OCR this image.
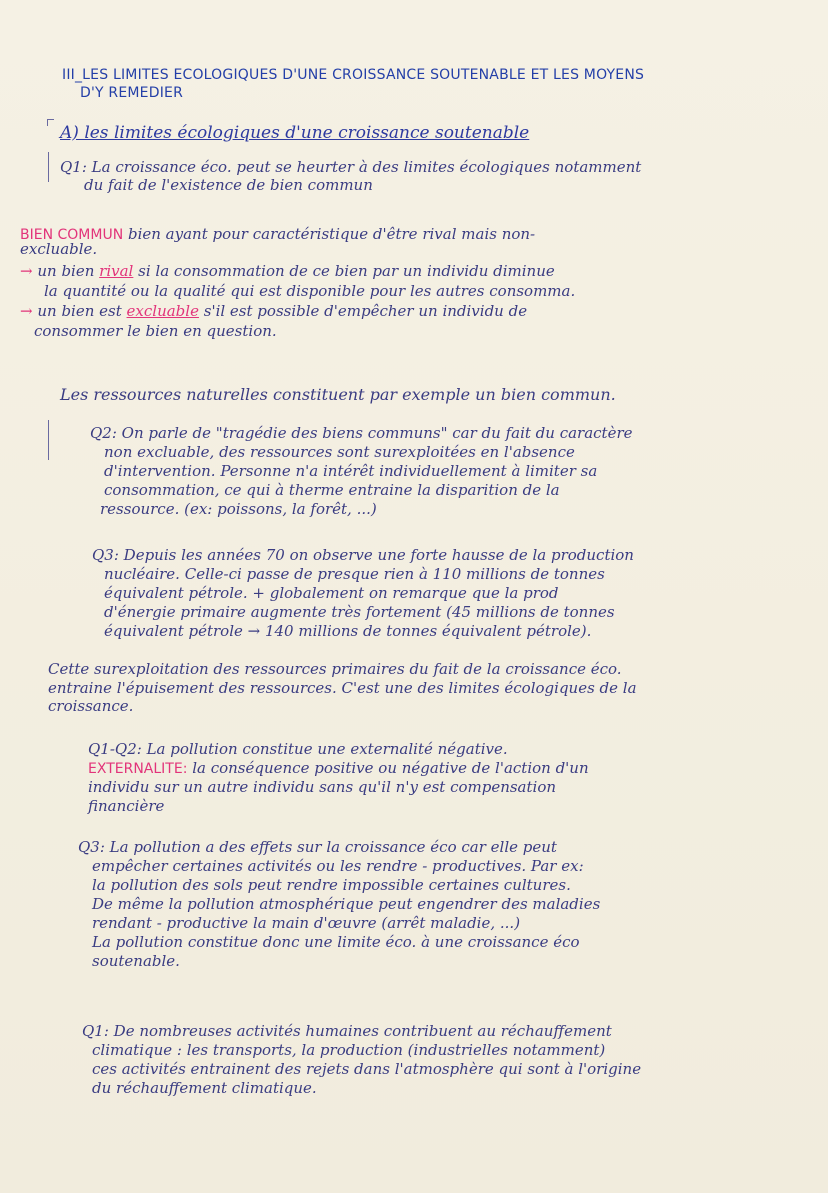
III_LES LIMITES ECOLOGIQUES D'UNE CROISSANCE SOUTENABLE ET LES MOYENS
D'Y REMEDIER
A) les limites écologiques d'une croissance soutenable
Q1: La croissance éco. peut se heurter à des limites écologiques notamment
du fait de l'existence de bien commun
BIEN COMMUN bien ayant pour caractéristique d'être rival mais non-
excluable.
→ un bien rival si la consommation de ce bien par un individu diminue
la quantité ou la qualité qui est disponible pour les autres consomma.
→ un bien est excluable s'il est possible d'empêcher un individu de
consommer le bien en question.
Les ressources naturelles constituent par exemple un bien commun.
Q2: On parle de "tragédie des biens communs" car du fait du caractère
non excluable, des ressources sont surexploitées en l'absence
d'intervention. Personne n'a intérêt individuellement à limiter sa
consommation, ce qui à therme entraine la disparition de la
ressource. (ex: poissons, la forêt, ...)
Q3: Depuis les années 70 on observe une forte hausse de la production
nucléaire. Celle-ci passe de presque rien à 110 millions de tonnes
équivalent pétrole. + globalement on remarque que la prod
d'énergie primaire augmente très fortement (45 millions de tonnes
équivalent pétrole → 140 millions de tonnes équivalent pétrole).
Cette surexploitation des ressources primaires du fait de la croissance éco.
entraine l'épuisement des ressources. C'est une des limites écologiques de la
croissance.
Q1-Q2: La pollution constitue une externalité négative.
EXTERNALITE: la conséquence positive ou négative de l'action d'un
individu sur un autre individu sans qu'il n'y est compensation
financière
Q3: La pollution a des effets sur la croissance éco car elle peut
empêcher certaines activités ou les rendre - productives. Par ex:
la pollution des sols peut rendre impossible certaines cultures.
De même la pollution atmosphérique peut engendrer des maladies
rendant - productive la main d'œuvre (arrêt maladie, ...)
La pollution constitue donc une limite éco. à une croissance éco
soutenable.
Q1: De nombreuses activités humaines contribuent au réchauffement
climatique : les transports, la production (industrielles notamment)
ces activités entrainent des rejets dans l'atmosphère qui sont à l'origine
du réchauffement climatique.
